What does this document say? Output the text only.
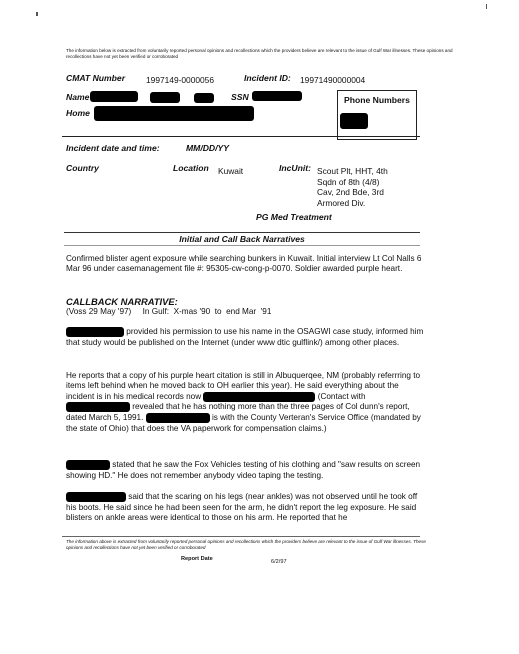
The information below is extracted from voluntarily reported personal opinions and recollections which the providers believe are relevant to the issue of Gulf War illnesses. These opinions and recollections have not yet been verified or corroborated
CMAT Number 1997149-0000056	Incident ID: 19971490000004
Name	SSN	Phone Numbers
Home
Incident date and time:	MM/DD/YY
Country	Location Kuwait	IncUnit: Scout Plt, HHT, 4th
Sqdn of 8th (4/8)
Cav, 2nd Bde, 3rd
Armored Div.
PG Med Treatment
Initial and Call Back Narratives
Confirmed blister agent exposure while searching bunkers in Kuwait. Initial interview Lt Col Nalls 6 Mar 96 under casemanagement file #: 95305-cw-cong-p-0070. Soldier awarded purple heart.
CALLBACK NARRATIVE:
(Voss 29 May '97)     In Gulf:  X-mas '90  to  end Mar  '91
provided his permission to use his name in the OSAGWI case study, informed him that study would be published on the Internet (under www dtic gulflink/) among other places.
He reports that a copy of his purple heart citation is still in Albuquerqee, NM (probably referrring to items left behind when he moved back to OH earlier this year). He said everything about the incident is in his medical records now	(Contact with  revealed that he has nothing more than the three pages of Col dunn's report, dated March 5, 1991.	is with the County Verteran's Service Office (mandated by the state of Ohio) that does the VA paperwork for compensation claims.)
stated that he saw the Fox Vehicles testing of his clothing and "saw results on screen showing HD." He does not remember anybody video taping the testing.
said that the scaring on his legs (near ankles) was not observed until he took off his boots. He said since he had been seen for the arm, he didn't report the leg exposure. He said blisters on ankle areas were identical to those on his arm. He reported that he
The information above is extracted from voluntarily reported personal opinions and recollections which the providers believe are relevant to the issue of Gulf War illnesses. These opinions and recollections have not yet been verified or corroborated
Report Date	6/2/97
